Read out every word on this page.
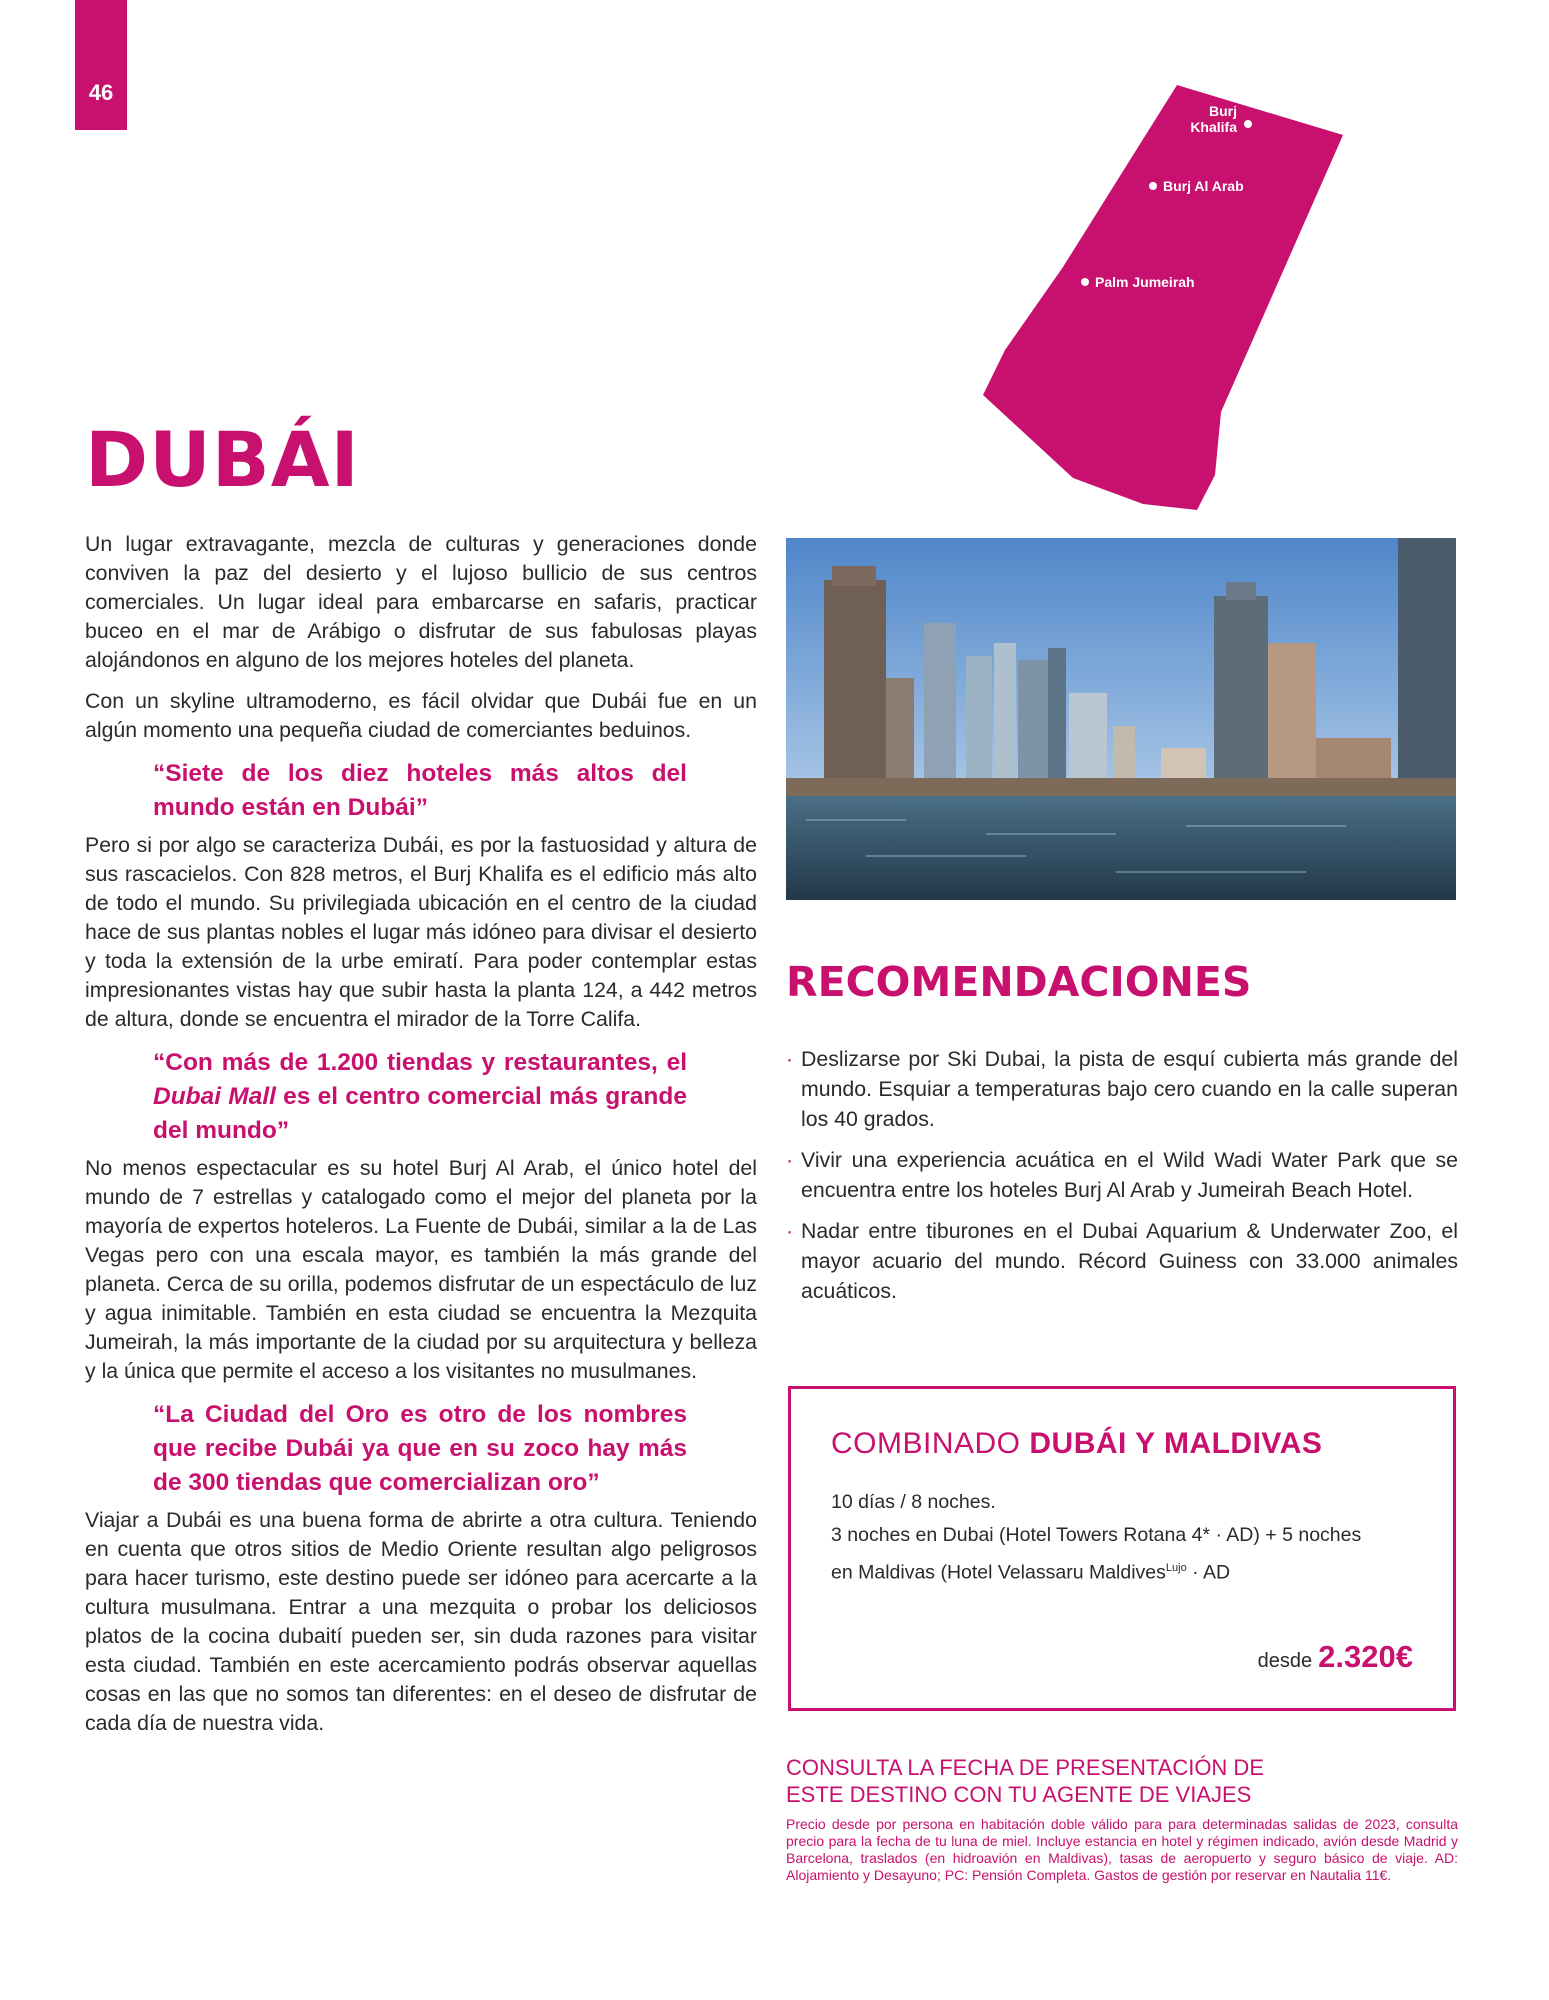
46
Burj
Khalifa
Burj Al Arab
Palm Jumeirah
DUBÁI

Un lugar extravagante, mezcla de culturas y generaciones donde conviven la paz del desierto y el lujoso bullicio de sus centros comerciales. Un lugar ideal para embarcarse en safaris, practicar buceo en el mar de Arábigo o disfrutar de sus fabulosas playas alojándonos en alguno de los mejores hoteles del planeta.

Con un skyline ultramoderno, es fácil olvidar que Dubái fue en un algún momento una pequeña ciudad de comerciantes beduinos.

“Siete de los diez hoteles más altos del mundo están en Dubái”

Pero si por algo se caracteriza Dubái, es por la fastuosidad y altura de sus rascacielos. Con 828 metros, el Burj Khalifa es el edificio más alto de todo el mundo. Su privilegiada ubicación en el centro de la ciudad hace de sus plantas nobles el lugar más idóneo para divisar el desierto y toda la extensión de la urbe emiratí. Para poder contemplar estas impresionantes vistas hay que subir hasta la planta 124, a 442 metros de altura, donde se encuentra el mirador de la Torre Califa.

“Con más de 1.200 tiendas y restaurantes, el Dubai Mall es el centro comercial más grande del mundo”

No menos espectacular es su hotel Burj Al Arab, el único hotel del mundo de 7 estrellas y catalogado como el mejor del planeta por la mayoría de expertos hoteleros. La Fuente de Dubái, similar a la de Las Vegas pero con una escala mayor, es también la más grande del planeta. Cerca de su orilla, podemos disfrutar de un espectáculo de luz y agua inimitable. También en esta ciudad se encuentra la Mezquita Jumeirah, la más importante de la ciudad por su arquitectura y belleza y la única que permite el acceso a los visitantes no musulmanes.

“La Ciudad del Oro es otro de los nombres que recibe Dubái ya que en su zoco hay más de 300 tiendas que comercializan oro”

Viajar a Dubái es una buena forma de abrirte a otra cultura. Teniendo en cuenta que otros sitios de Medio Oriente resultan algo peligrosos para hacer turismo, este destino puede ser idóneo para acercarte a la cultura musulmana. Entrar a una mezquita o probar los deliciosos platos de la cocina dubaití pueden ser, sin duda razones para visitar esta ciudad. También en este acercamiento podrás observar aquellas cosas en las que no somos tan diferentes: en el deseo de disfrutar de cada día de nuestra vida.

RECOMENDACIONES
· Deslizarse por Ski Dubai, la pista de esquí cubierta más grande del mundo. Esquiar a temperaturas bajo cero cuando en la calle superan los 40 grados.
· Vivir una experiencia acuática en el Wild Wadi Water Park que se encuentra entre los hoteles Burj Al Arab y Jumeirah Beach Hotel.
· Nadar entre tiburones en el Dubai Aquarium & Underwater Zoo, el mayor acuario del mundo. Récord Guiness con 33.000 animales acuáticos.
COMBINADO DUBÁI Y MALDIVAS
10 días / 8 noches.
3 noches en Dubai (Hotel Towers Rotana 4* · AD) + 5 noches
en Maldivas (Hotel Velassaru Maldives$^{Lujo}$ · AD
desde 2.320€
CONSULTA LA FECHA DE PRESENTACIÓN DE
ESTE DESTINO CON TU AGENTE DE VIAJES

Precio desde por persona en habitación doble válido para para determinadas salidas de 2023, consulta precio para la fecha de tu luna de miel. Incluye estancia en hotel y régimen indicado, avión desde Madrid y Barcelona, traslados (en hidroavión en Maldivas), tasas de aeropuerto y seguro básico de viaje. AD: Alojamiento y Desayuno; PC: Pensión Completa. Gastos de gestión por reservar en Nautalia 11€.
